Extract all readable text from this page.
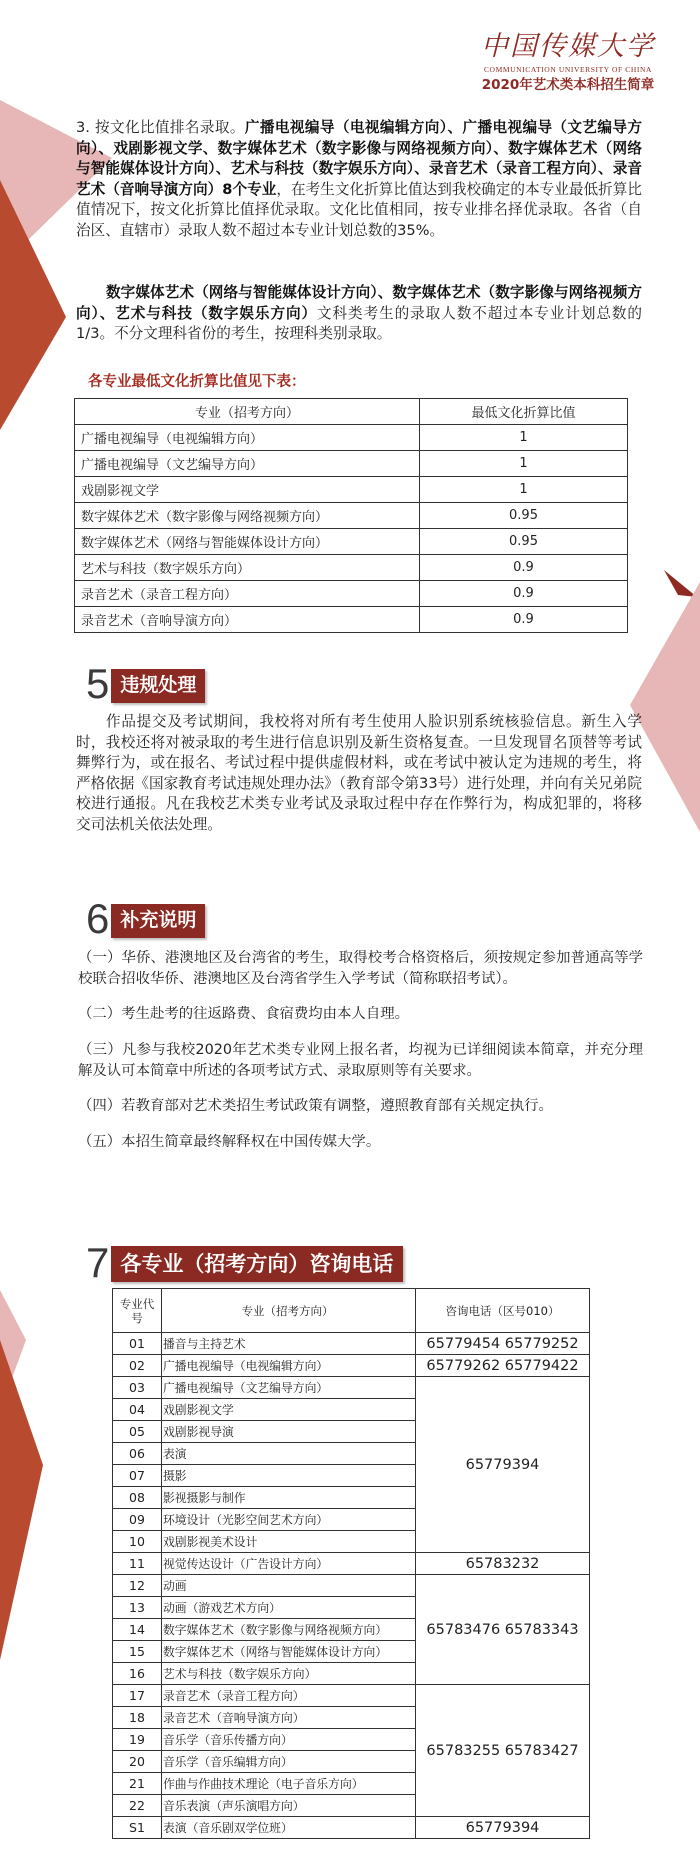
中国传媒大学
COMMUNICATION UNIVERSITY OF CHINA
2020年艺术类本科招生简章
3. 按文化比值排名录取。广播电视编导（电视编辑方向）、广播电视编导（文艺编导方向）、戏剧影视文学、数字媒体艺术（数字影像与网络视频方向）、数字媒体艺术（网络与智能媒体设计方向）、艺术与科技（数字娱乐方向）、录音艺术（录音工程方向）、录音艺术（音响导演方向）8个专业，在考生文化折算比值达到我校确定的本专业最低折算比值情况下，按文化折算比值择优录取。文化比值相同，按专业排名择优录取。各省（自治区、直辖市）录取人数不超过本专业计划总数的35%。
数字媒体艺术（网络与智能媒体设计方向）、数字媒体艺术（数字影像与网络视频方向）、艺术与科技（数字娱乐方向）文科类考生的录取人数不超过本专业计划总数的1/3。不分文理科省份的考生，按理科类别录取。
各专业最低文化折算比值见下表：
专业（招考方向）	最低文化折算比值
广播电视编导（电视编辑方向）	1
广播电视编导（文艺编导方向）	1
戏剧影视文学	1
数字媒体艺术（数字影像与网络视频方向）	0.95
数字媒体艺术（网络与智能媒体设计方向）	0.95
艺术与科技（数字娱乐方向）	0.9
录音艺术（录音工程方向）	0.9
录音艺术（音响导演方向）	0.9
5 违规处理
作品提交及考试期间，我校将对所有考生使用人脸识别系统核验信息。新生入学时，我校还将对被录取的考生进行信息识别及新生资格复查。一旦发现冒名顶替等考试舞弊行为，或在报名、考试过程中提供虚假材料，或在考试中被认定为违规的考生，将严格依据《国家教育考试违规处理办法》（教育部令第33号）进行处理，并向有关兄弟院校进行通报。凡在我校艺术类专业考试及录取过程中存在作弊行为，构成犯罪的，将移交司法机关依法处理。
6 补充说明
（一）华侨、港澳地区及台湾省的考生，取得校考合格资格后，须按规定参加普通高等学校联合招收华侨、港澳地区及台湾省学生入学考试（简称联招考试）。
（二）考生赴考的往返路费、食宿费均由本人自理。
（三）凡参与我校2020年艺术类专业网上报名者，均视为已详细阅读本简章，并充分理解及认可本简章中所述的各项考试方式、录取原则等有关要求。
（四）若教育部对艺术类招生考试政策有调整，遵照教育部有关规定执行。
（五）本招生简章最终解释权在中国传媒大学。
7 各专业（招考方向）咨询电话
专业代号	专业（招考方向）	咨询电话（区号010）
01	播音与主持艺术	65779454 65779252
02	广播电视编导（电视编辑方向）	65779262 65779422
03	广播电视编导（文艺编导方向）	65779394
04	戏剧影视文学	
05	戏剧影视导演	
06	表演	
07	摄影	
08	影视摄影与制作	
09	环境设计（光影空间艺术方向）	
10	戏剧影视美术设计	
11	视觉传达设计（广告设计方向）	65783232
12	动画	65783476 65783343
13	动画（游戏艺术方向）	
14	数字媒体艺术（数字影像与网络视频方向）	
15	数字媒体艺术（网络与智能媒体设计方向）	
16	艺术与科技（数字娱乐方向）	
17	录音艺术（录音工程方向）	65783255 65783427
18	录音艺术（音响导演方向）	
19	音乐学（音乐传播方向）	
20	音乐学（音乐编辑方向）	
21	作曲与作曲技术理论（电子音乐方向）	
22	音乐表演（声乐演唱方向）	
S1	表演（音乐剧双学位班）	65779394
